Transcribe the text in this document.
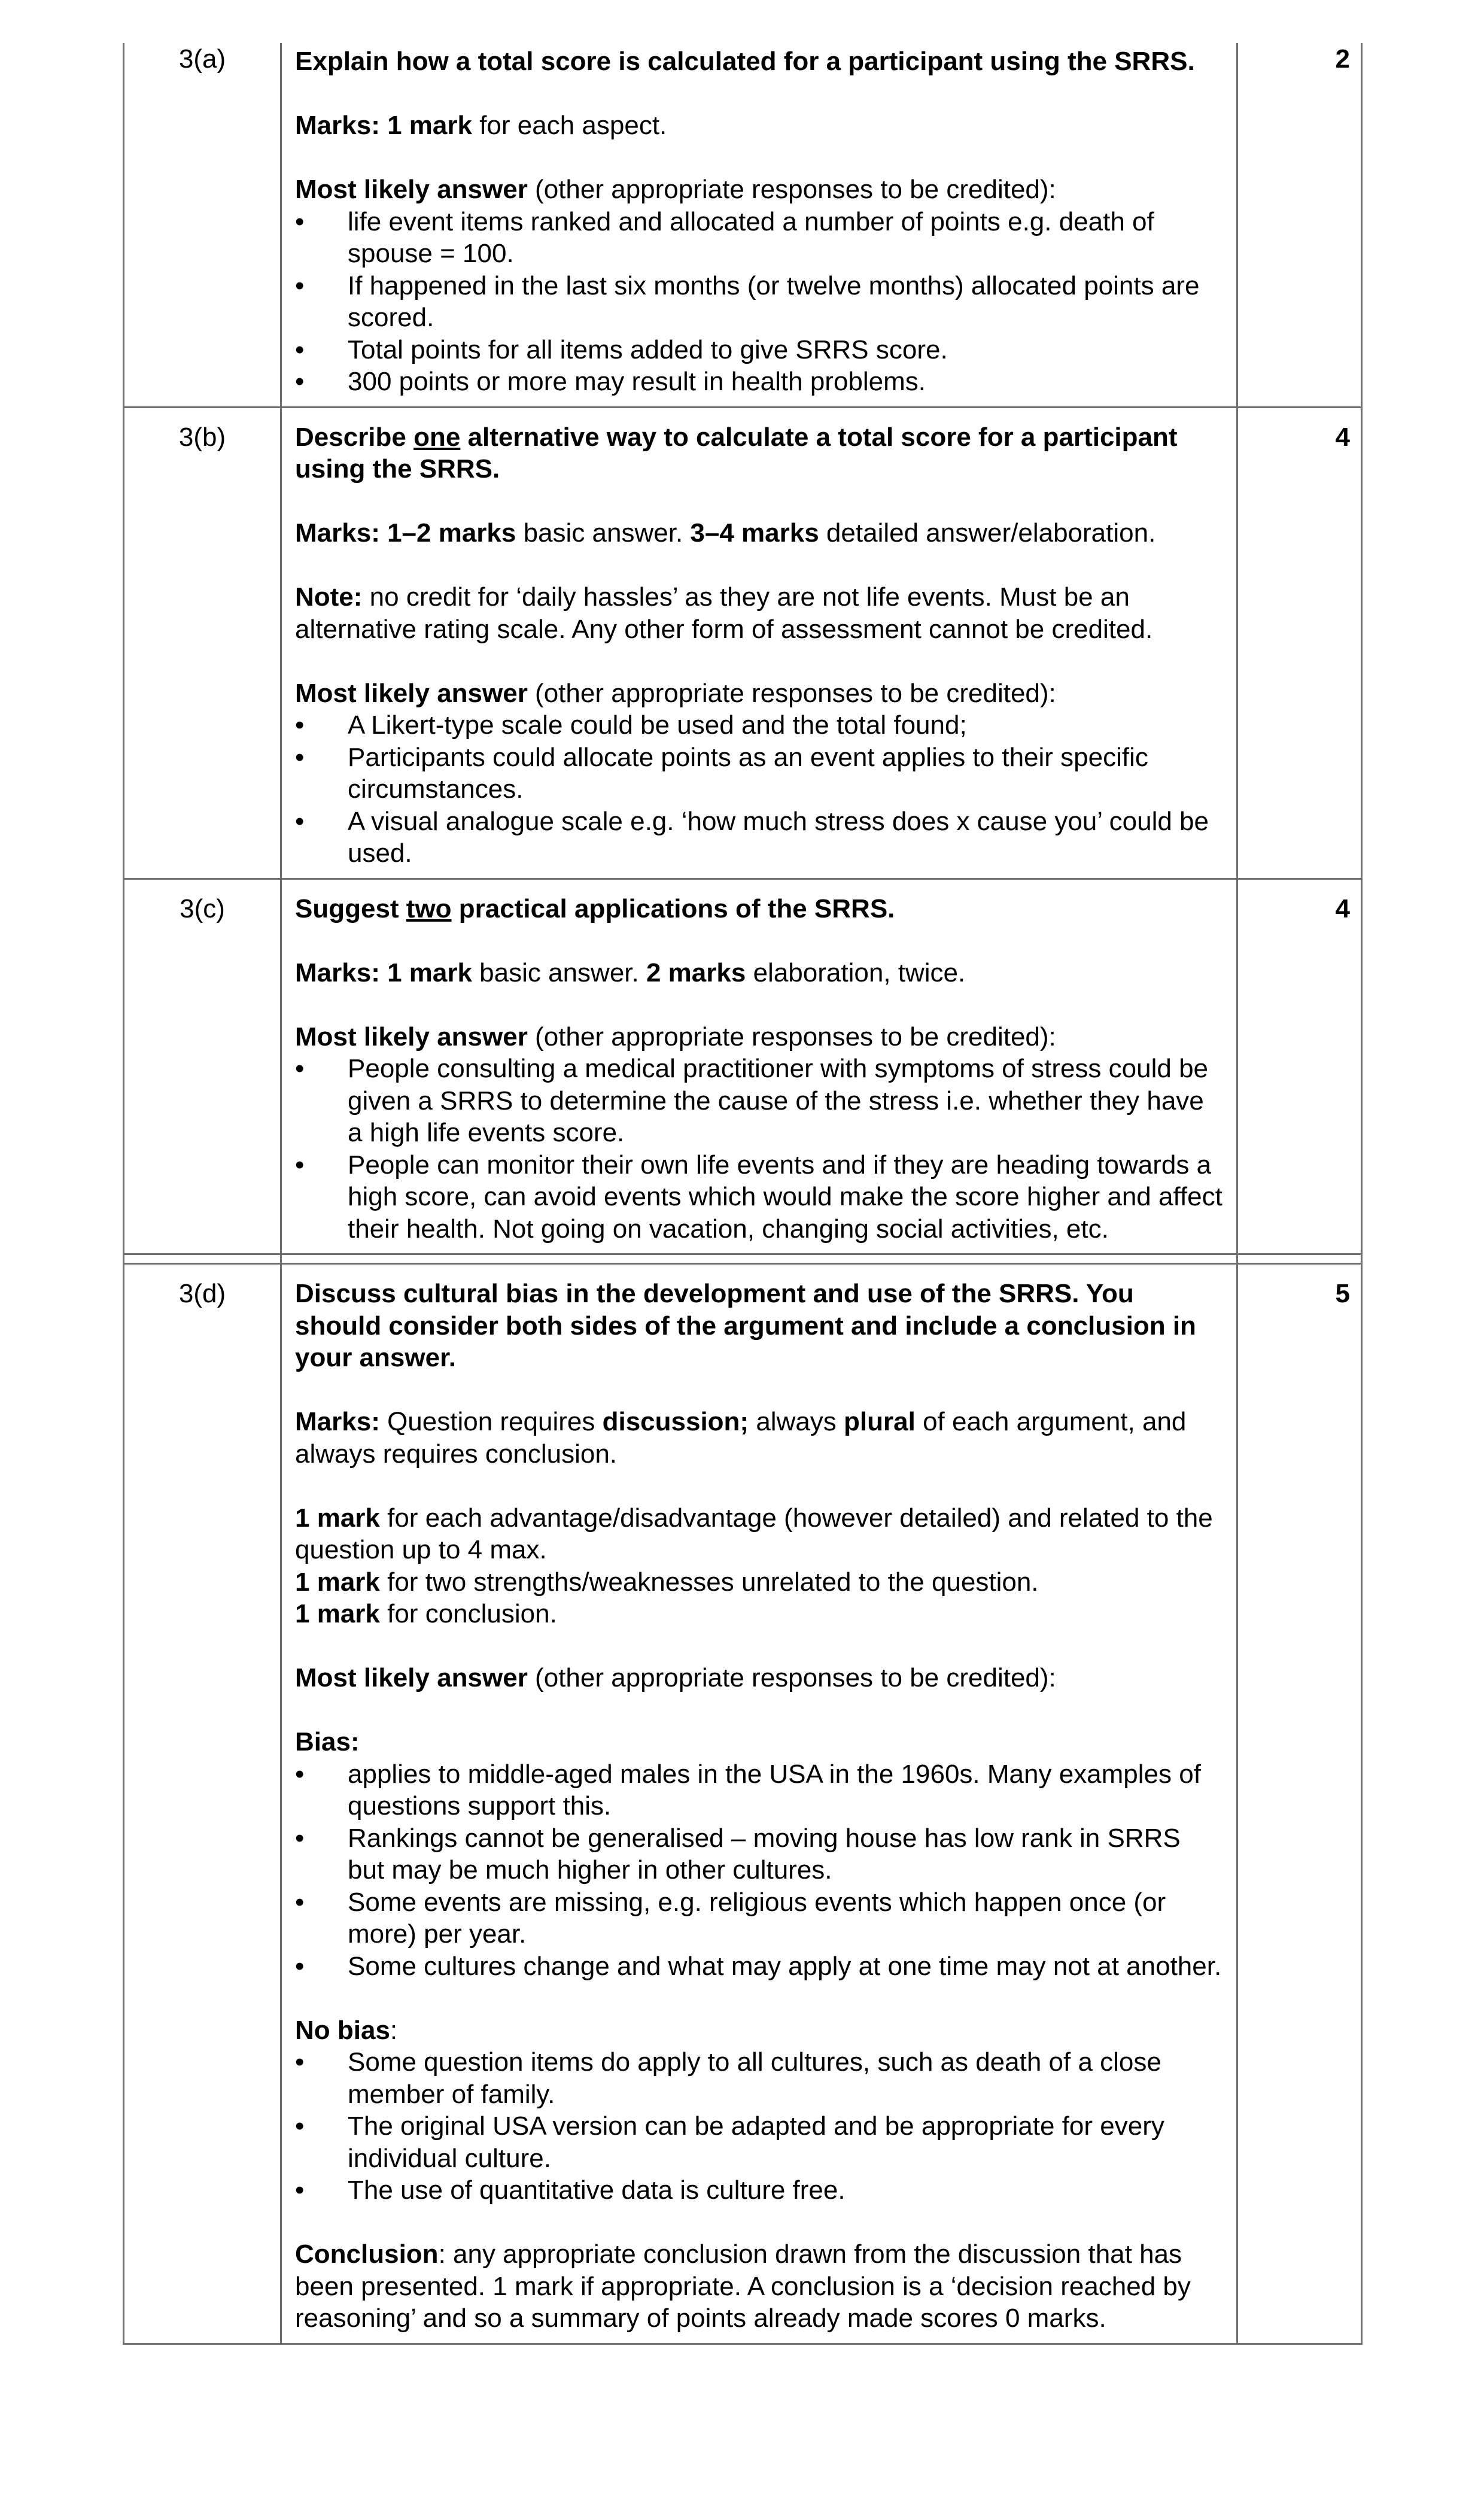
3(a)	Explain how a total score is calculated for a participant using the SRRS.

Marks: 1 mark for each aspect.

Most likely answer (other appropriate responses to be credited):

•	life event items ranked and allocated a number of points e.g. death of spouse = 100.
•	If happened in the last six months (or twelve months) allocated points are scored.
•	Total points for all items added to give SRRS score.
•	300 points or more may result in health problems.
2
3(b)	Describe one alternative way to calculate a total score for a participant using the SRRS.

Marks: 1–2 marks basic answer. 3–4 marks detailed answer/elaboration.

Note: no credit for ‘daily hassles’ as they are not life events. Must be an alternative rating scale. Any other form of assessment cannot be credited.

Most likely answer (other appropriate responses to be credited):

•	A Likert-type scale could be used and the total found;
•	Participants could allocate points as an event applies to their specific circumstances.
•	A visual analogue scale e.g. ‘how much stress does x cause you’ could be used.
4
3(c)	Suggest two practical applications of the SRRS.

Marks: 1 mark basic answer. 2 marks elaboration, twice.

Most likely answer (other appropriate responses to be credited):

•	People consulting a medical practitioner with symptoms of stress could be given a SRRS to determine the cause of the stress i.e. whether they have a high life events score.
•	People can monitor their own life events and if they are heading towards a high score, can avoid events which would make the score higher and affect their health. Not going on vacation, changing social activities, etc.
4
3(d)	Discuss cultural bias in the development and use of the SRRS. You should consider both sides of the argument and include a conclusion in your answer.

Marks: Question requires discussion; always plural of each argument, and always requires conclusion.

1 mark for each advantage/disadvantage (however detailed) and related to the question up to 4 max.

1 mark for two strengths/weaknesses unrelated to the question.

1 mark for conclusion.

Most likely answer (other appropriate responses to be credited):

Bias:

•	applies to middle-aged males in the USA in the 1960s. Many examples of questions support this.
•	Rankings cannot be generalised – moving house has low rank in SRRS but may be much higher in other cultures.
•	Some events are missing, e.g. religious events which happen once (or more) per year.
•	Some cultures change and what may apply at one time may not at another.

No bias:

•	Some question items do apply to all cultures, such as death of a close member of family.
•	The original USA version can be adapted and be appropriate for every individual culture.
•	The use of quantitative data is culture free.

Conclusion: any appropriate conclusion drawn from the discussion that has been presented. 1 mark if appropriate. A conclusion is a ‘decision reached by reasoning’ and so a summary of points already made scores 0 marks.

5
